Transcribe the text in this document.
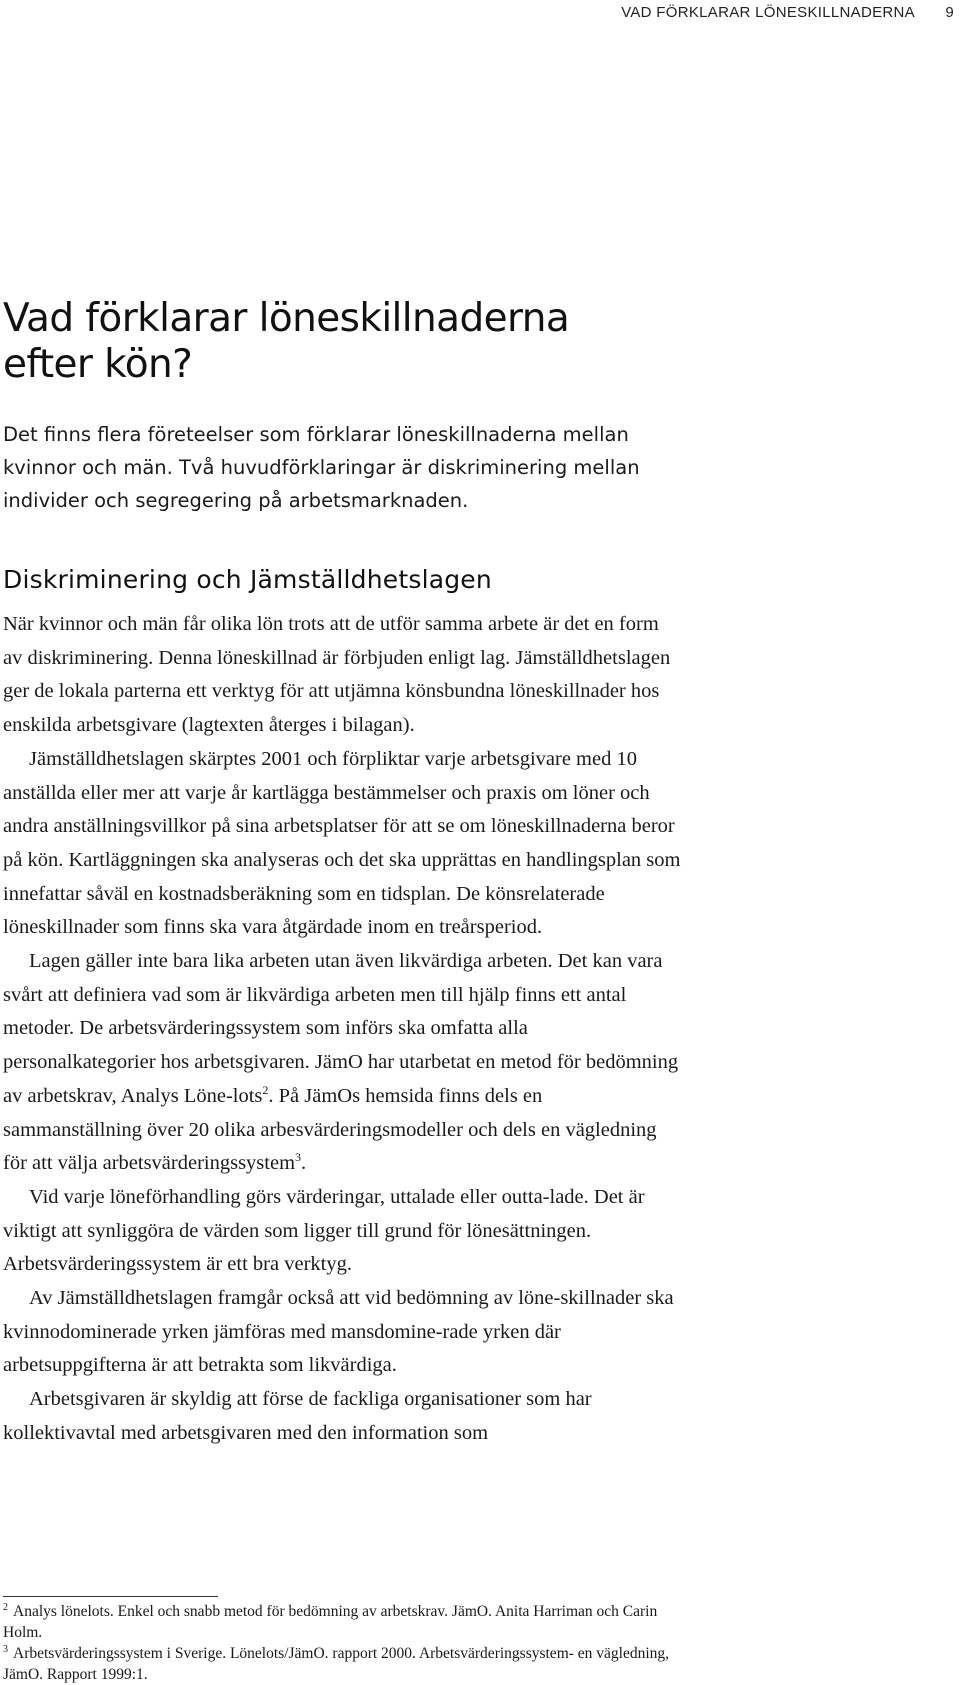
VAD FÖRKLARAR LÖNESKILLNADERNA 9
Vad förklarar löneskillnaderna
efter kön?

Det finns flera företeelser som förklarar löneskillnaderna mellan kvinnor och män. Två huvudförklaringar är diskriminering mellan individer och segregering på arbetsmarknaden.

Diskriminering och Jämställdhetslagen

När kvinnor och män får olika lön trots att de utför samma arbete är det en form av diskriminering. Denna löneskillnad är förbjuden enligt lag. Jämställdhetslagen ger de lokala parterna ett verktyg för att utjämna könsbundna löneskillnader hos enskilda arbetsgivare (lagtexten återges i bilagan).

Jämställdhetslagen skärptes 2001 och förpliktar varje arbetsgivare med 10 anställda eller mer att varje år kartlägga bestämmelser och praxis om löner och andra anställningsvillkor på sina arbetsplatser för att se om löneskillnaderna beror på kön. Kartläggningen ska analyseras och det ska upprättas en handlingsplan som innefattar såväl en kostnadsberäkning som en tidsplan. De könsrelaterade löneskillnader som finns ska vara åtgärdade inom en treårsperiod.

Lagen gäller inte bara lika arbeten utan även likvärdiga arbeten. Det kan vara svårt att definiera vad som är likvärdiga arbeten men till hjälp finns ett antal metoder. De arbetsvärderingssystem som införs ska omfatta alla personalkategorier hos arbetsgivaren. JämO har utarbetat en metod för bedömning av arbetskrav, Analys Löne-lots$^2$. På JämOs hemsida finns dels en sammanställning över 20 olika arbesvärderingsmodeller och dels en vägledning för att välja arbetsvärderingssystem$^3$.

Vid varje löneförhandling görs värderingar, uttalade eller outta-lade. Det är viktigt att synliggöra de värden som ligger till grund för lönesättningen. Arbetsvärderingssystem är ett bra verktyg.

Av Jämställdhetslagen framgår också att vid bedömning av löne-skillnader ska kvinnodominerade yrken jämföras med mansdomine-rade yrken där arbetsuppgifterna är att betrakta som likvärdiga.

Arbetsgivaren är skyldig att förse de fackliga organisationer som har kollektivavtal med arbetsgivaren med den information som

$^2$ Analys lönelots. Enkel och snabb metod för bedömning av arbetskrav. JämO. Anita Harriman och Carin Holm.

$^3$ Arbetsvärderingssystem i Sverige. Lönelots/JämO. rapport 2000. Arbetsvärderingssystem- en vägledning, JämO. Rapport 1999:1.
